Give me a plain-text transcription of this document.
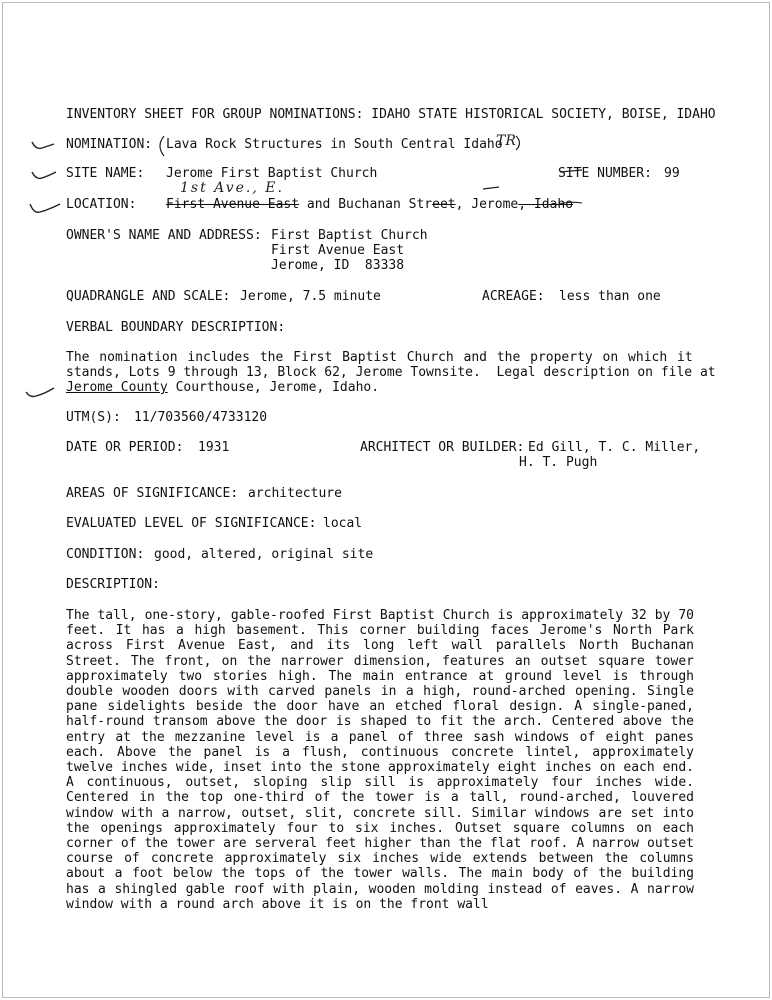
INVENTORY SHEET FOR GROUP NOMINATIONS: IDAHO STATE HISTORICAL SOCIETY, BOISE, IDAHO
NOMINATION: Lava Rock Structures in South Central Idaho
TR
SITE NAME: Jerome First Baptist Church	SITE NUMBER: 99
1st Ave., E.
LOCATION: First Avenue East and Buchanan Street, Jerome, Idaho
OWNER'S NAME AND ADDRESS: First Baptist Church
First Avenue East
Jerome, ID  83338
QUADRANGLE AND SCALE: Jerome, 7.5 minute	ACREAGE: less than one
VERBAL BOUNDARY DESCRIPTION:
The nomination includes the First Baptist Church and the property on which it
stands, Lots 9 through 13, Block 62, Jerome Townsite.  Legal description on file at
Jerome County Courthouse, Jerome, Idaho.
UTM(S): 11/703560/4733120
DATE OR PERIOD: 1931	ARCHITECT OR BUILDER: Ed Gill, T. C. Miller,
H. T. Pugh
AREAS OF SIGNIFICANCE: architecture
EVALUATED LEVEL OF SIGNIFICANCE: local
CONDITION: good, altered, original site
DESCRIPTION:
The tall, one-story, gable-roofed First Baptist Church is approximately 32 by 70 feet. It has a high basement. This corner building faces Jerome's North Park across First Avenue East, and its long left wall parallels North Buchanan Street. The front, on the narrower dimension, features an outset square tower approximately two stories high. The main entrance at ground level is through double wooden doors with carved panels in a high, round-arched opening. Single pane sidelights beside the door have an etched floral design. A single-paned, half-round transom above the door is shaped to fit the arch. Centered above the entry at the mezzanine level is a panel of three sash windows of eight panes each. Above the panel is a flush, continuous concrete lintel, approximately twelve inches wide, inset into the stone approximately eight inches on each end. A continuous, outset, sloping slip sill is approximately four inches wide. Centered in the top one-third of the tower is a tall, round-arched, louvered window with a narrow, outset, slit, concrete sill. Similar windows are set into the openings approximately four to six inches. Outset square columns on each corner of the tower are serveral feet higher than the flat roof. A narrow outset course of concrete approximately six inches wide extends between the columns about a foot below the tops of the tower walls. The main body of the building has a shingled gable roof with plain, wooden molding instead of eaves. A narrow window with a round arch above it is on the front wall
